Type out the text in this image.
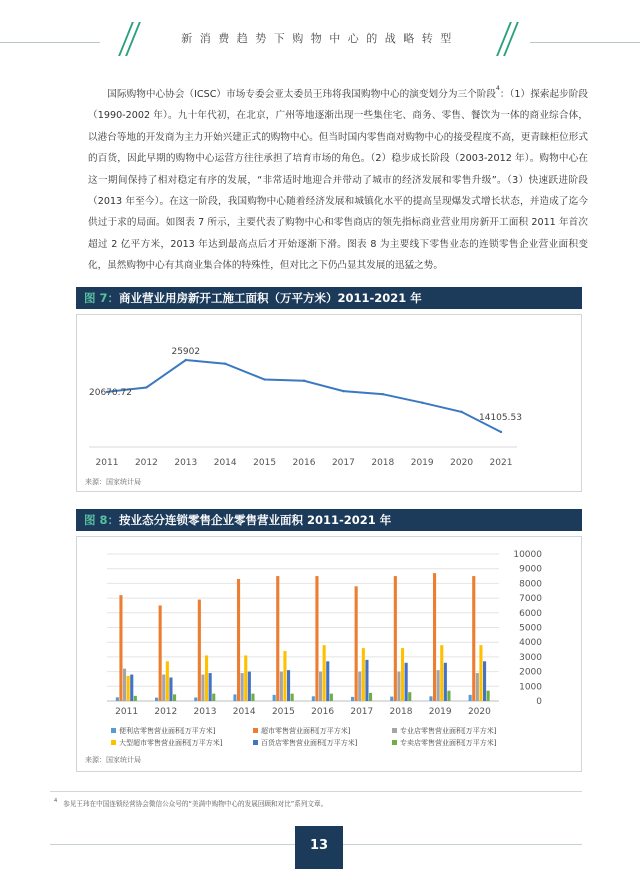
新消费趋势下购物中心的战略转型
　　国际购物中心协会（ICSC）市场专委会亚太委员王玮将我国购物中心的演变划分为三个阶段$^4$：（1）探索起步阶段（1990-2002 年）。九十年代初，在北京，广州等地逐渐出现一些集住宅、商务、零售、餐饮为一体的商业综合体，以港台等地的开发商为主力开始兴建正式的购物中心。但当时国内零售商对购物中心的接受程度不高，更青睐柜位形式的百货，因此早期的购物中心运营方往往承担了培育市场的角色。（2）稳步成长阶段（2003-2012 年）。购物中心在这一期间保持了相对稳定有序的发展，“非常适时地迎合并带动了城市的经济发展和零售升级”。（3）快速跃进阶段（2013 年至今）。在这一阶段，我国购物中心随着经济发展和城镇化水平的提高呈现爆发式增长状态，并造成了迄今供过于求的局面。如图表 7 所示，主要代表了购物中心和零售商店的领先指标商业营业用房新开工面积 2011 年首次超过 2 亿平方米，2013 年达到最高点后才开始逐渐下滑。图表 8 为主要线下零售业态的连锁零售企业营业面积变化，虽然购物中心有其商业集合体的特殊性，但对比之下仍凸显其发展的迅猛之势。
图 7：商业营业用房新开工施工面积（万平方米）2011-2021 年
2011 2012 2013 2014 2015 2016 2017 2018 2019 2020 2021
20670.72
25902
14105.53
来源：国家统计局
图 8：按业态分连锁零售企业零售营业面积 2011-2021 年
0
1000
2000
3000
4000
5000
6000
7000
8000
9000
10000
2011 2012 2013 2014 2015 2016 2017 2018 2019 2020
便利店零售营业面积[万平方米]	超市零售营业面积[万平方米]	专业店零售营业面积[万平方米]
大型超市零售营业面积[万平方米]	百货店零售营业面积[万平方米]	专卖店零售营业面积[万平方米]
来源：国家统计局
$^4$ 参见王玮在中国连锁经营协会微信公众号的“美满中购物中心的发展回顾和对比”系列文章。
13
